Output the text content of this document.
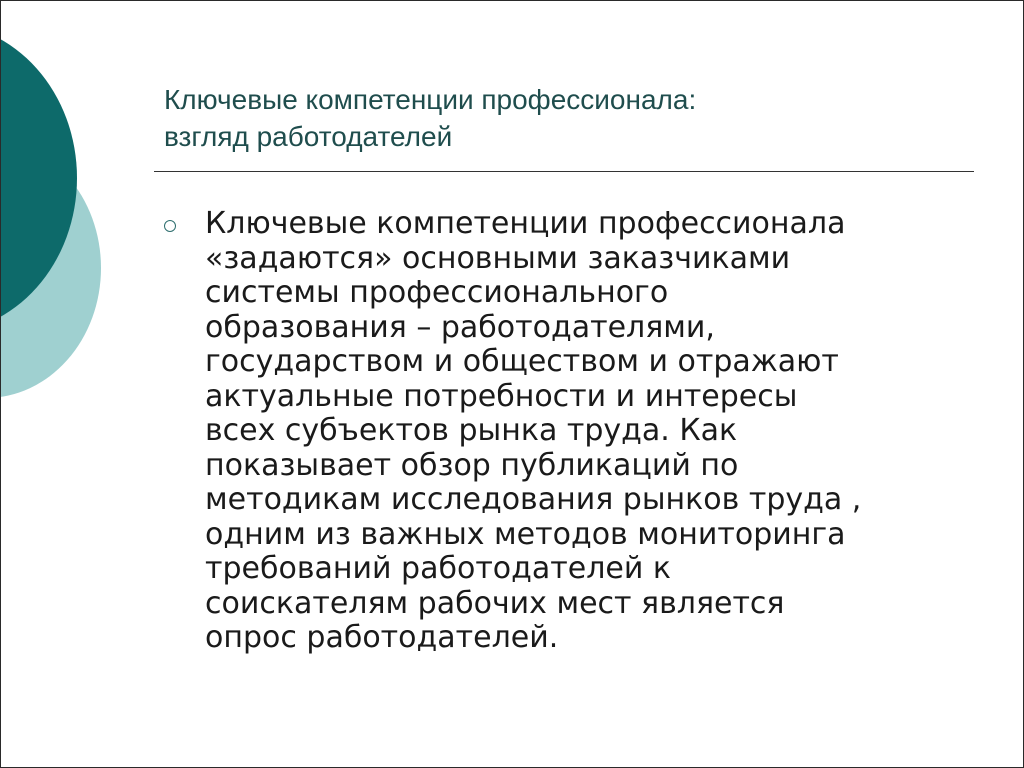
Ключевые компетенции профессионала:
взгляд работодателей
Ключевые компетенции профессионала
«задаются» основными заказчиками
системы профессионального
образования – работодателями,
государством и обществом и отражают
актуальные потребности и интересы
всех субъектов рынка труда. Как
показывает обзор публикаций по
методикам исследования рынков труда ,
одним из важных методов мониторинга
требований работодателей к
соискателям рабочих мест является
опрос работодателей.
